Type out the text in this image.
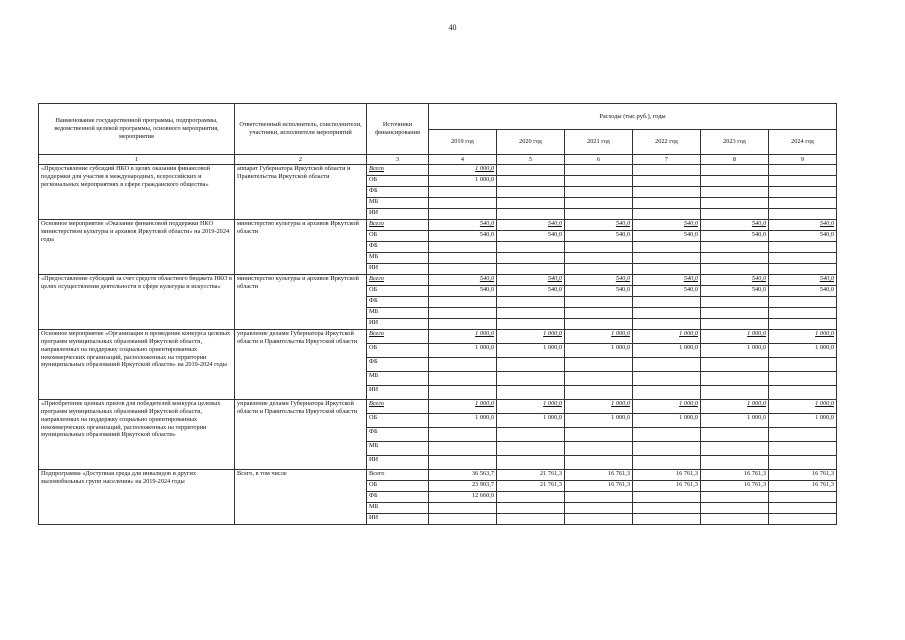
40
Наименование государственной программы, подпрограммы, ведомственной целевой программы, основного мероприятия, мероприятия	Ответственный исполнитель, соисполнители, участники, исполнители мероприятий	Источники финансирования	Расходы (тыс.руб.), годы					
			2019 год	2020 год	2021 год	2022 год	2023 год	2024 год
1	2	3	4	5	6	7	8	9
«Предоставление субсидий НКО в целях оказания финансовой поддержки для участия в международных, всероссийских и региональных мероприятиях в сфере гражданского общества»	аппарат Губернатора Иркутской области и Правительства Иркутской области	Всего	1 000,0					
		ОБ	1 000,0					
		ФБ						
		МБ						
		ИИ						
Основное мероприятие «Оказание финансовой поддержки НКО министерством культуры и архивов Иркутской области» на 2019-2024 годы	министерство культуры и архивов Иркутской области	Всего	540,0	540,0	540,0	540,0	540,0	540,0
		ОБ	540,0	540,0	540,0	540,0	540,0	540,0
		ФБ						
		МБ						
		ИИ						
«Предоставление субсидий за счет средств областного бюджета НКО в целях осуществления деятельности в сфере культуры и искусства»	министерство культуры и архивов Иркутской области	Всего	540,0	540,0	540,0	540,0	540,0	540,0
		ОБ	540,0	540,0	540,0	540,0	540,0	540,0
		ФБ						
		МБ						
		ИИ						
Основное мероприятие «Организация и проведение конкурса целевых программ муниципальных образований Иркутской области, направленных на поддержку социально ориентированных некоммерческих организаций, расположенных на территории муниципальных образований Иркутской области» на 2019-2024 годы	управление делами Губернатора Иркутской области и Правительства Иркутской области	Всего	1 000,0	1 000,0	1 000,0	1 000,0	1 000,0	1 000,0
		ОБ	1 000,0	1 000,0	1 000,0	1 000,0	1 000,0	1 000,0
		ФБ						
		МБ						
		ИИ						
«Приобретение ценных призов для победителей конкурса целевых программ муниципальных образований Иркутской области, направленных на поддержку социально ориентированных некоммерческих организаций, расположенных на территории муниципальных образований Иркутской области»	управление делами Губернатора Иркутской области и Правительства Иркутской области	Всего	1 000,0	1 000,0	1 000,0	1 000,0	1 000,0	1 000,0
		ОБ	1 000,0	1 000,0	1 000,0	1 000,0	1 000,0	1 000,0
		ФБ						
		МБ						
		ИИ						
Подпрограмма «Доступная среда для инвалидов и других маломобильных групп населения» на 2019-2024 годы	Всего, в том числе	Всего	36 563,7	21 761,3	16 761,3	16 761,3	16 761,3	16 761,3
		ОБ	23 903,7	21 761,3	16 761,3	16 761,3	16 761,3	16 761,3
		ФБ	12 660,0					
		МБ						
		ИИ						
